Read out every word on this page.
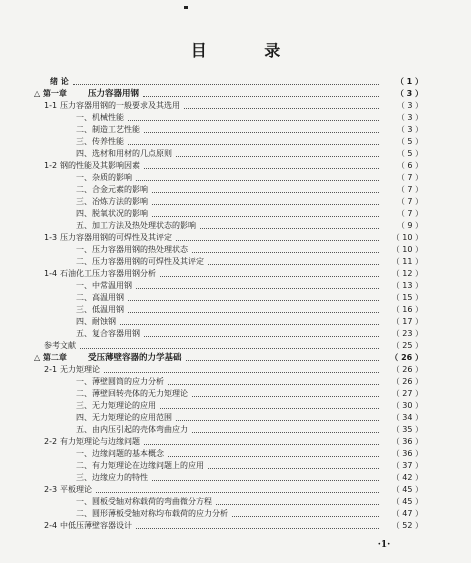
目 录
绪 论	（ 1 ）
△ 第一章 压力容器用钢	（ 3 ）
1-1 压力容器用钢的一般要求及其选用	（ 3 ）
一、机械性能	（ 3 ）
二、制造工艺性能	（ 3 ）
三、传养性能	（ 5 ）
四、选材和用材的几点原则	（ 5 ）
1-2 钢的性能及其影响因素	（ 6 ）
一、杂质的影响	（ 7 ）
二、合金元素的影响	（ 7 ）
三、冶炼方法的影响	（ 7 ）
四、脱氧状况的影响	（ 7 ）
五、加工方法及热处理状态的影响	（ 9 ）
1-3 压力容器用钢的可焊性及其评定	（ 10 ）
一、压力容器用钢的热处理状态	（ 10 ）
二、压力容器用钢的可焊性及其评定	（ 11 ）
1-4 石油化工压力容器用钢分析	（ 12 ）
一、中常温用钢	（ 13 ）
二、高温用钢	（ 15 ）
三、低温用钢	（ 16 ）
四、耐蚀钢	（ 17 ）
五、复合容器用钢	（ 23 ）
参考文献	（ 25 ）
△ 第二章 受压薄壁容器的力学基础	（ 26 ）
2-1 无力矩理论	（ 26 ）
一、薄壁圆筒的应力分析	（ 26 ）
二、薄壁回转壳体的无力矩理论	（ 27 ）
三、无力矩理论的应用	（ 30 ）
四、无力矩理论的应用范围	（ 34 ）
五、由内压引起的壳体弯曲应力	（ 35 ）
2-2 有力矩理论与边缘问题	（ 36 ）
一、边缘问题的基本概念	（ 36 ）
二、有力矩理论在边缘问题上的应用	（ 37 ）
三、边缘应力的特性	（ 42 ）
2-3 平板理论	（ 45 ）
一、圆板受轴对称载荷的弯曲微分方程	（ 45 ）
二、圆形薄板受轴对称均布载荷的应力分析	（ 47 ）
2-4 中低压薄壁容器设计	（ 52 ）
·1·
